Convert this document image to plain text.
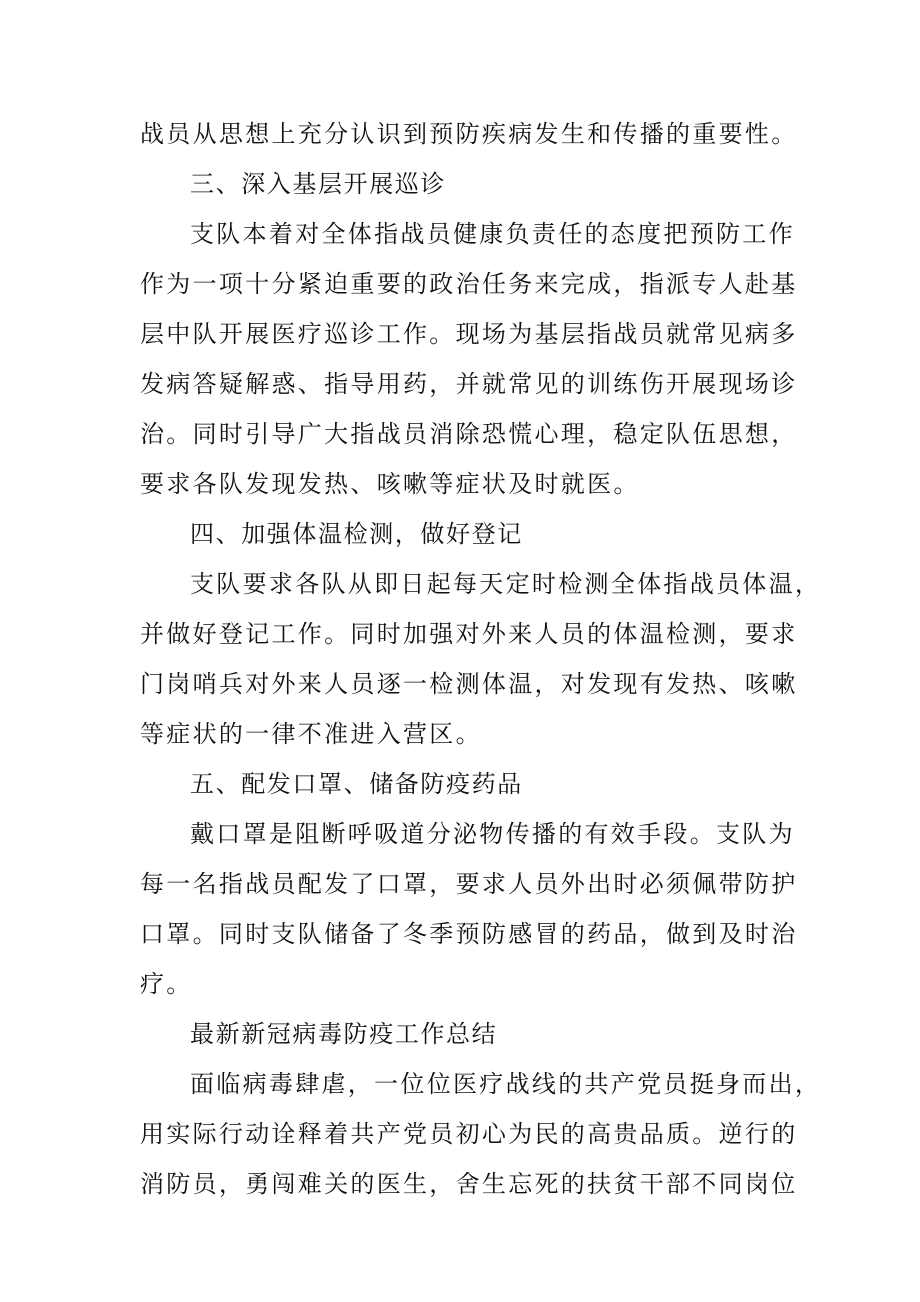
战员从思想上充分认识到预防疾病发生和传播的重要性。
三、深入基层开展巡诊
支队本着对全体指战员健康负责任的态度把预防工作
作为一项十分紧迫重要的政治任务来完成，指派专人赴基
层中队开展医疗巡诊工作。现场为基层指战员就常见病多
发病答疑解惑、指导用药，并就常见的训练伤开展现场诊
治。同时引导广大指战员消除恐慌心理，稳定队伍思想，
要求各队发现发热、咳嗽等症状及时就医。
四、加强体温检测，做好登记
支队要求各队从即日起每天定时检测全体指战员体温，
并做好登记工作。同时加强对外来人员的体温检测，要求
门岗哨兵对外来人员逐一检测体温，对发现有发热、咳嗽
等症状的一律不准进入营区。
五、配发口罩、储备防疫药品
戴口罩是阻断呼吸道分泌物传播的有效手段。支队为
每一名指战员配发了口罩，要求人员外出时必须佩带防护
口罩。同时支队储备了冬季预防感冒的药品，做到及时治
疗。
最新新冠病毒防疫工作总结
面临病毒肆虐，一位位医疗战线的共产党员挺身而出，
用实际行动诠释着共产党员初心为民的高贵品质。逆行的
消防员，勇闯难关的医生，舍生忘死的扶贫干部不同岗位
